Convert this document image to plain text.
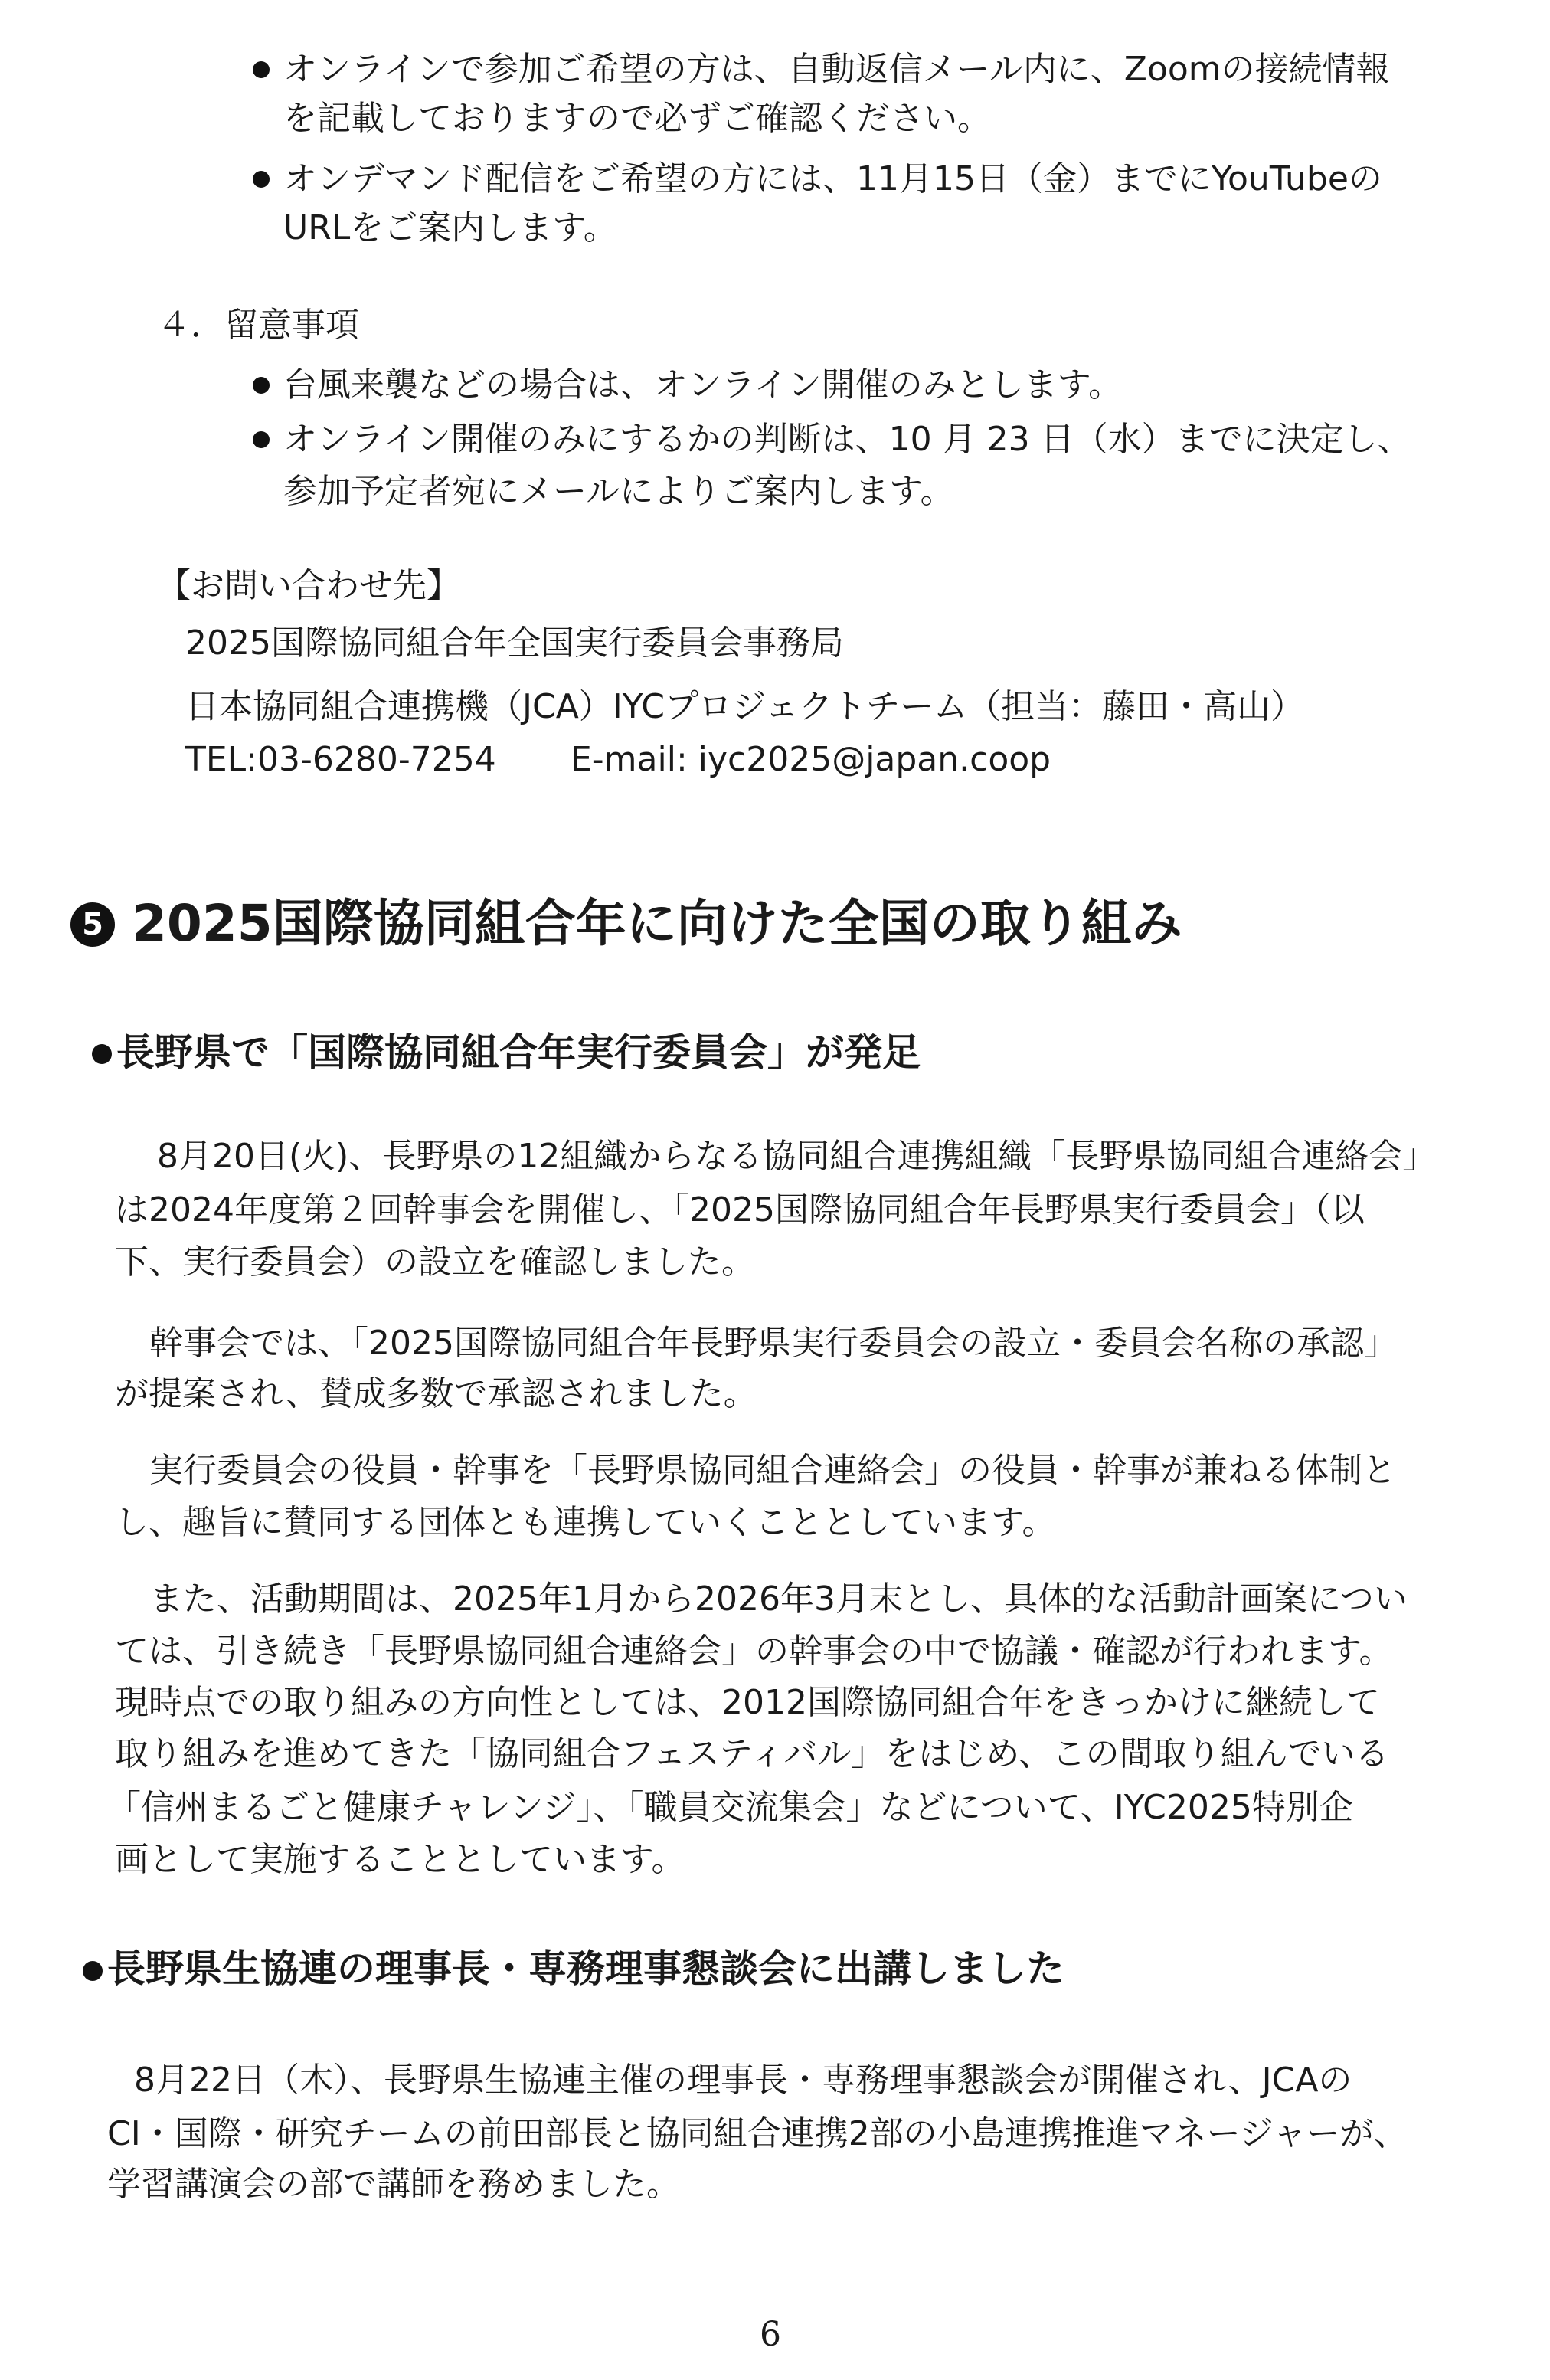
オンラインで参加ご希望の方は、自動返信メール内に、Zoomの接続情報
を記載しておりますので必ずご確認ください。
オンデマンド配信をご希望の方には、11月15日（金）までにYouTubeの
URLをご案内します。
４．留意事項
台風来襲などの場合は、オンライン開催のみとします。
オンライン開催のみにするかの判断は、10 月 23 日（水）までに決定し、
参加予定者宛にメールによりご案内します。
【お問い合わせ先】
2025国際協同組合年全国実行委員会事務局
日本協同組合連携機（JCA）IYCプロジェクトチーム（担当：藤田・高山）
TEL:03-6280-7254 E-mail: iyc2025@japan.coop
5 2025国際協同組合年に向けた全国の取り組み
長野県で「国際協同組合年実行委員会」が発足
8月20日(火)、長野県の12組織からなる協同組合連携組織「長野県協同組合連絡会」
は2024年度第２回幹事会を開催し、「2025国際協同組合年長野県実行委員会」（以
下、実行委員会）の設立を確認しました。
幹事会では、「2025国際協同組合年長野県実行委員会の設立・委員会名称の承認」
が提案され、賛成多数で承認されました。
実行委員会の役員・幹事を「長野県協同組合連絡会」の役員・幹事が兼ねる体制と
し、趣旨に賛同する団体とも連携していくこととしています。
また、活動期間は、2025年1月から2026年3月末とし、具体的な活動計画案につい
ては、引き続き「長野県協同組合連絡会」の幹事会の中で協議・確認が行われます。
現時点での取り組みの方向性としては、2012国際協同組合年をきっかけに継続して
取り組みを進めてきた「協同組合フェスティバル」をはじめ、この間取り組んでいる
「信州まるごと健康チャレンジ」、「職員交流集会」などについて、IYC2025特別企
画として実施することとしています。
長野県生協連の理事長・専務理事懇談会に出講しました
8月22日（木）、長野県生協連主催の理事長・専務理事懇談会が開催され、JCAの
CI・国際・研究チームの前田部長と協同組合連携2部の小島連携推進マネージャーが、
学習講演会の部で講師を務めました。
6
